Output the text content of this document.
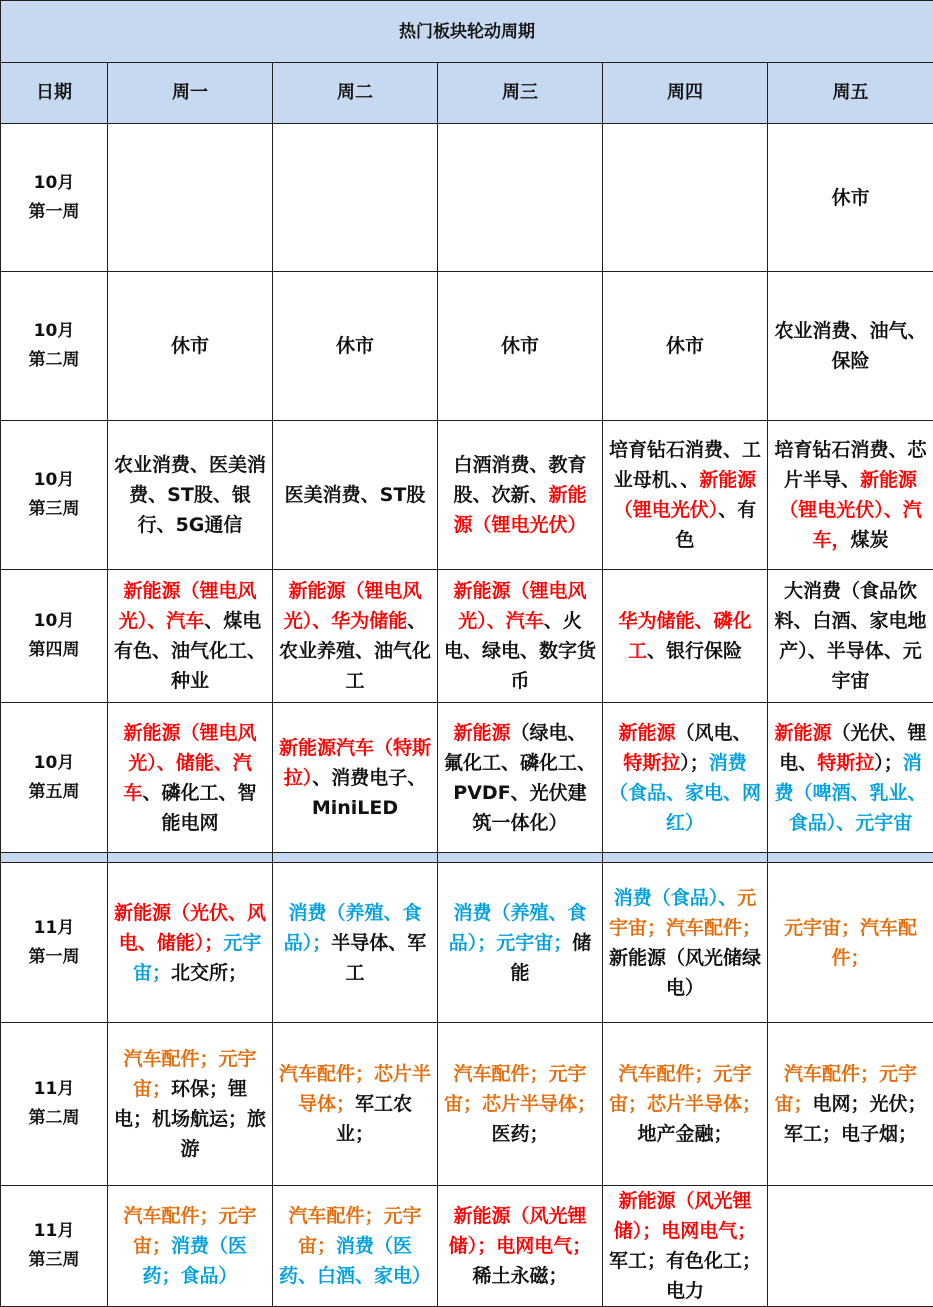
热门板块轮动周期					
日期	周一	周二	周三	周四	周五

10月
第一周					休市

10月
第二周	休市	休市	休市	休市	农业消费、油气、保险

10月
第三周	农业消费、医美消费、ST股、银行、5G通信	医美消费、ST股	白酒消费、教育股、次新、新能源（锂电光伏）	培育钻石消费、工业母机、、新能源（锂电光伏）、有色	培育钻石消费、芯片半导、新能源（锂电光伏）、汽车，煤炭

10月
第四周	新能源（锂电风光）、汽车、煤电有色、油气化工、种业	新能源（锂电风光）、华为储能、农业养殖、油气化工	新能源（锂电风光）、汽车、火电、绿电、数字货币	华为储能、磷化工、银行保险	大消费（食品饮料、白酒、家电地产）、半导体、元宇宙

10月
第五周	新能源（锂电风光）、储能、汽车、磷化工、智能电网	新能源汽车（特斯拉）、消费电子、MiniLED	新能源（绿电、氟化工、磷化工、PVDF、光伏建筑一体化）	新能源（风电、特斯拉）；消费（食品、家电、网红）	新能源（光伏、锂电、特斯拉）；消费（啤酒、乳业、食品）、元宇宙

11月
第一周	新能源（光伏、风电、储能）；元宇宙；北交所；	消费（养殖、食品）；半导体、军工	消费（养殖、食品）；元宇宙；储能	消费（食品）、元宇宙；汽车配件；新能源（风光储绿电）	元宇宙；汽车配件；

11月
第二周	汽车配件；元宇宙；环保；锂电；机场航运；旅游	汽车配件；芯片半导体；军工农业；	汽车配件；元宇宙；芯片半导体；医药；	汽车配件；元宇宙；芯片半导体；地产金融；	汽车配件；元宇宙；电网；光伏；军工；电子烟；

11月
第三周	汽车配件；元宇宙；消费（医药；食品）	汽车配件；元宇宙；消费（医药、白酒、家电）	新能源（风光锂储）；电网电气；稀土永磁；	新能源（风光锂储）；电网电气；军工；有色化工；电力	
